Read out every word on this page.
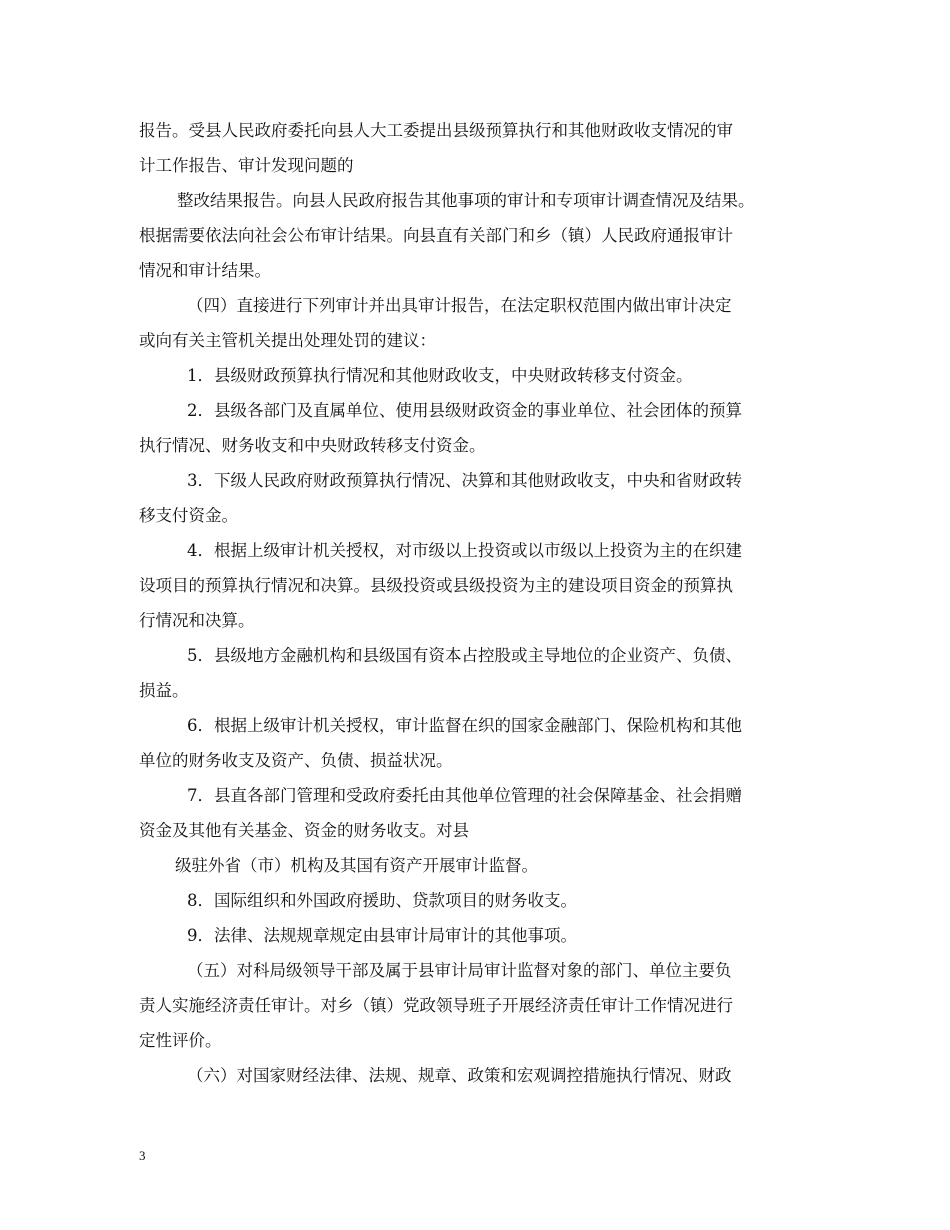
报告。受县人民政府委托向县人大工委提出县级预算执行和其他财政收支情况的审
计工作报告、审计发现问题的
整改结果报告。向县人民政府报告其他事项的审计和专项审计调查情况及结果。
根据需要依法向社会公布审计结果。向县直有关部门和乡（镇）人民政府通报审计
情况和审计结果。
（四）直接进行下列审计并出具审计报告，在法定职权范围内做出审计决定
或向有关主管机关提出处理处罚的建议：
1．县级财政预算执行情况和其他财政收支，中央财政转移支付资金。
2．县级各部门及直属单位、使用县级财政资金的事业单位、社会团体的预算
执行情况、财务收支和中央财政转移支付资金。
3．下级人民政府财政预算执行情况、决算和其他财政收支，中央和省财政转
移支付资金。
4．根据上级审计机关授权，对市级以上投资或以市级以上投资为主的在织建
设项目的预算执行情况和决算。县级投资或县级投资为主的建设项目资金的预算执
行情况和决算。
5．县级地方金融机构和县级国有资本占控股或主导地位的企业资产、负债、
损益。
6．根据上级审计机关授权，审计监督在织的国家金融部门、保险机构和其他
单位的财务收支及资产、负债、损益状况。
7．县直各部门管理和受政府委托由其他单位管理的社会保障基金、社会捐赠
资金及其他有关基金、资金的财务收支。对县
级驻外省（市）机构及其国有资产开展审计监督。
8．国际组织和外国政府援助、贷款项目的财务收支。
9．法律、法规规章规定由县审计局审计的其他事项。
（五）对科局级领导干部及属于县审计局审计监督对象的部门、单位主要负
责人实施经济责任审计。对乡（镇）党政领导班子开展经济责任审计工作情况进行
定性评价。
（六）对国家财经法律、法规、规章、政策和宏观调控措施执行情况、财政
3
